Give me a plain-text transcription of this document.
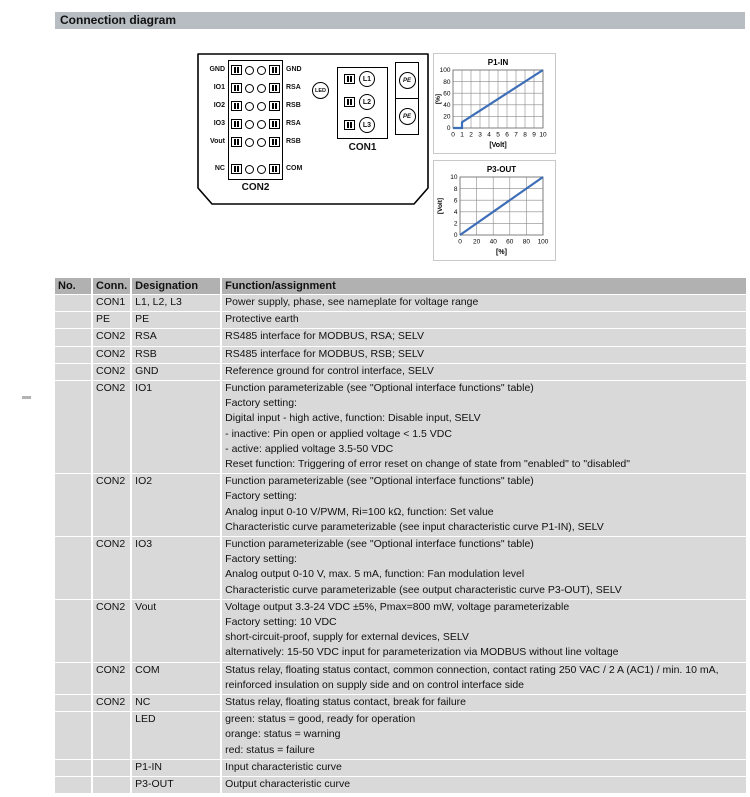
Connection diagram
GND	GND
IO1	RSA
IO2	RSB
IO3	RSA
Vout	RSB
NC	COM
CON2
LED
L1
L2
L3
CON1
PE
PE
0 1 2 3 4 5 6 7 8 9 10
0
20
40
60
80
100
P1-IN
[Volt]
[%]
0 20 40 60 80 100
0
2
4
6
8
10
P3-OUT
[%]
[Volt]
No.	Conn.	Designation	Function/assignment
	CON1	L1, L2, L3	Power supply, phase, see nameplate for voltage range

	PE	PE	Protective earth

	CON2	RSA	RS485 interface for MODBUS, RSA; SELV

	CON2	RSB	RS485 interface for MODBUS, RSB; SELV

	CON2	GND	Reference ground for control interface, SELV

	CON2	IO1	Function parameterizable (see "Optional interface functions" table)
Factory setting:
Digital input - high active, function: Disable input, SELV
- inactive: Pin open or applied voltage < 1.5 VDC
- active: applied voltage 3.5-50 VDC
Reset function: Triggering of error reset on change of state from "enabled" to "disabled"

	CON2	IO2	Function parameterizable (see "Optional interface functions" table)
Factory setting:
Analog input 0-10 V/PWM, Ri=100 kΩ, function: Set value
Characteristic curve parameterizable (see input characteristic curve P1-IN), SELV

	CON2	IO3	Function parameterizable (see "Optional interface functions" table)
Factory setting:
Analog output 0-10 V, max. 5 mA, function: Fan modulation level
Characteristic curve parameterizable (see output characteristic curve P3-OUT), SELV

	CON2	Vout	Voltage output 3.3-24 VDC ±5%, Pmax=800 mW, voltage parameterizable
Factory setting: 10 VDC
short-circuit-proof, supply for external devices, SELV
alternatively: 15-50 VDC input for parameterization via MODBUS without line voltage

	CON2	COM	Status relay, floating status contact, common connection, contact rating 250 VAC / 2 A (AC1) / min. 10 mA, reinforced insulation on supply side and on control interface side

	CON2	NC	Status relay, floating status contact, break for failure

		LED	green: status = good, ready for operation
orange: status = warning
red: status = failure

		P1-IN	Input characteristic curve

		P3-OUT	Output characteristic curve
